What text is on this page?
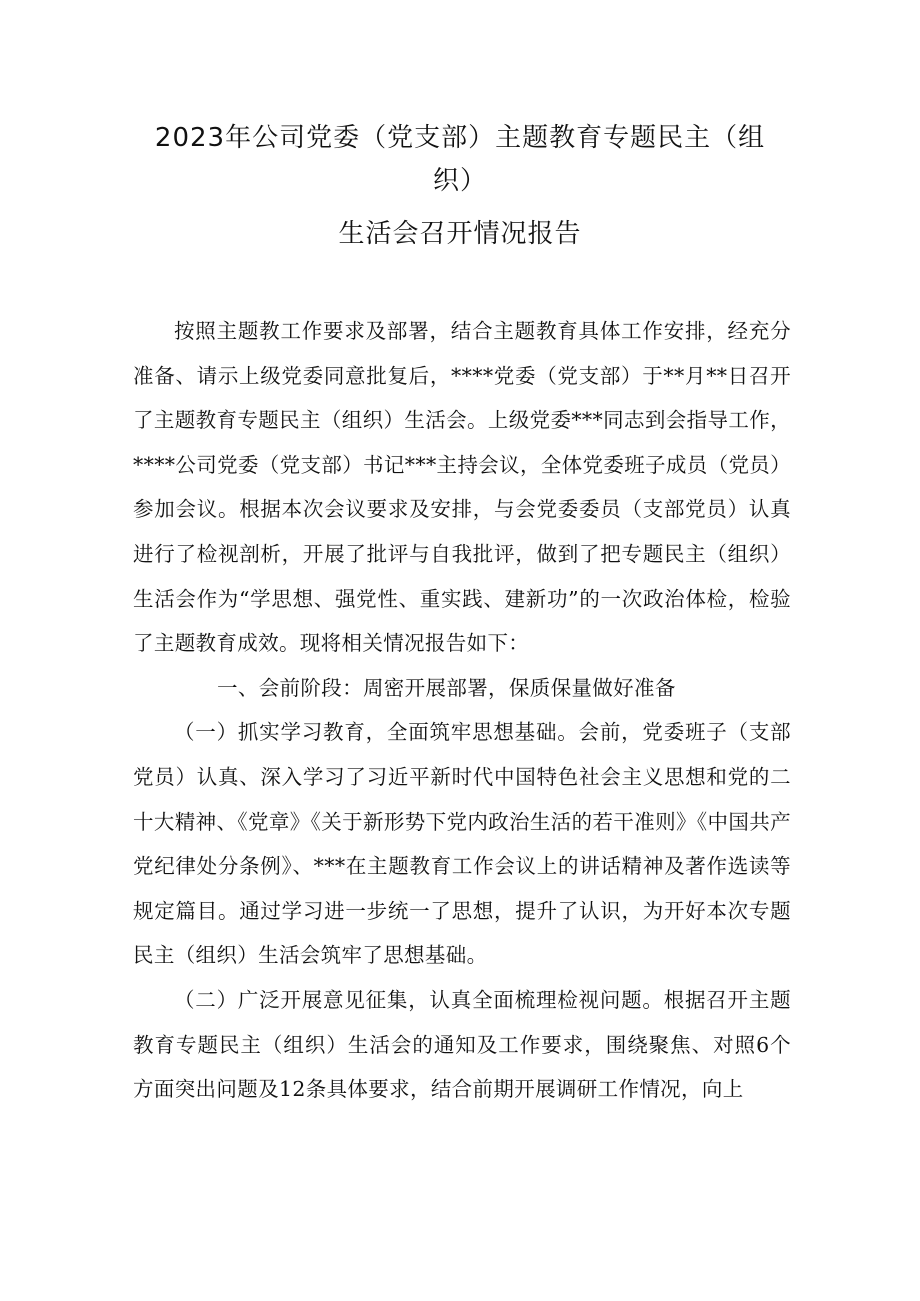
2023年公司党委（党支部）主题教育专题民主（组
织）
生活会召开情况报告

按照主题教工作要求及部署，结合主题教育具体工作安排，经充分准备、请示上级党委同意批复后，****党委（党支部）于**月**日召开了主题教育专题民主（组织）生活会。上级党委***同志到会指导工作，****公司党委（党支部）书记***主持会议，全体党委班子成员（党员）参加会议。根据本次会议要求及安排，与会党委委员（支部党员）认真进行了检视剖析，开展了批评与自我批评，做到了把专题民主（组织）生活会作为“学思想、强党性、重实践、建新功”的一次政治体检，检验了主题教育成效。现将相关情况报告如下：

一、会前阶段：周密开展部署，保质保量做好准备

（一）抓实学习教育，全面筑牢思想基础。会前，党委班子（支部党员）认真、深入学习了习近平新时代中国特色社会主义思想和党的二十大精神、《党章》《关于新形势下党内政治生活的若干准则》《中国共产党纪律处分条例》、***在主题教育工作会议上的讲话精神及著作选读等规定篇目。通过学习进一步统一了思想，提升了认识，为开好本次专题民主（组织）生活会筑牢了思想基础。

（二）广泛开展意见征集，认真全面梳理检视问题。根据召开主题教育专题民主（组织）生活会的通知及工作要求，围绕聚焦、对照6个方面突出问题及12条具体要求，结合前期开展调研工作情况，向上
